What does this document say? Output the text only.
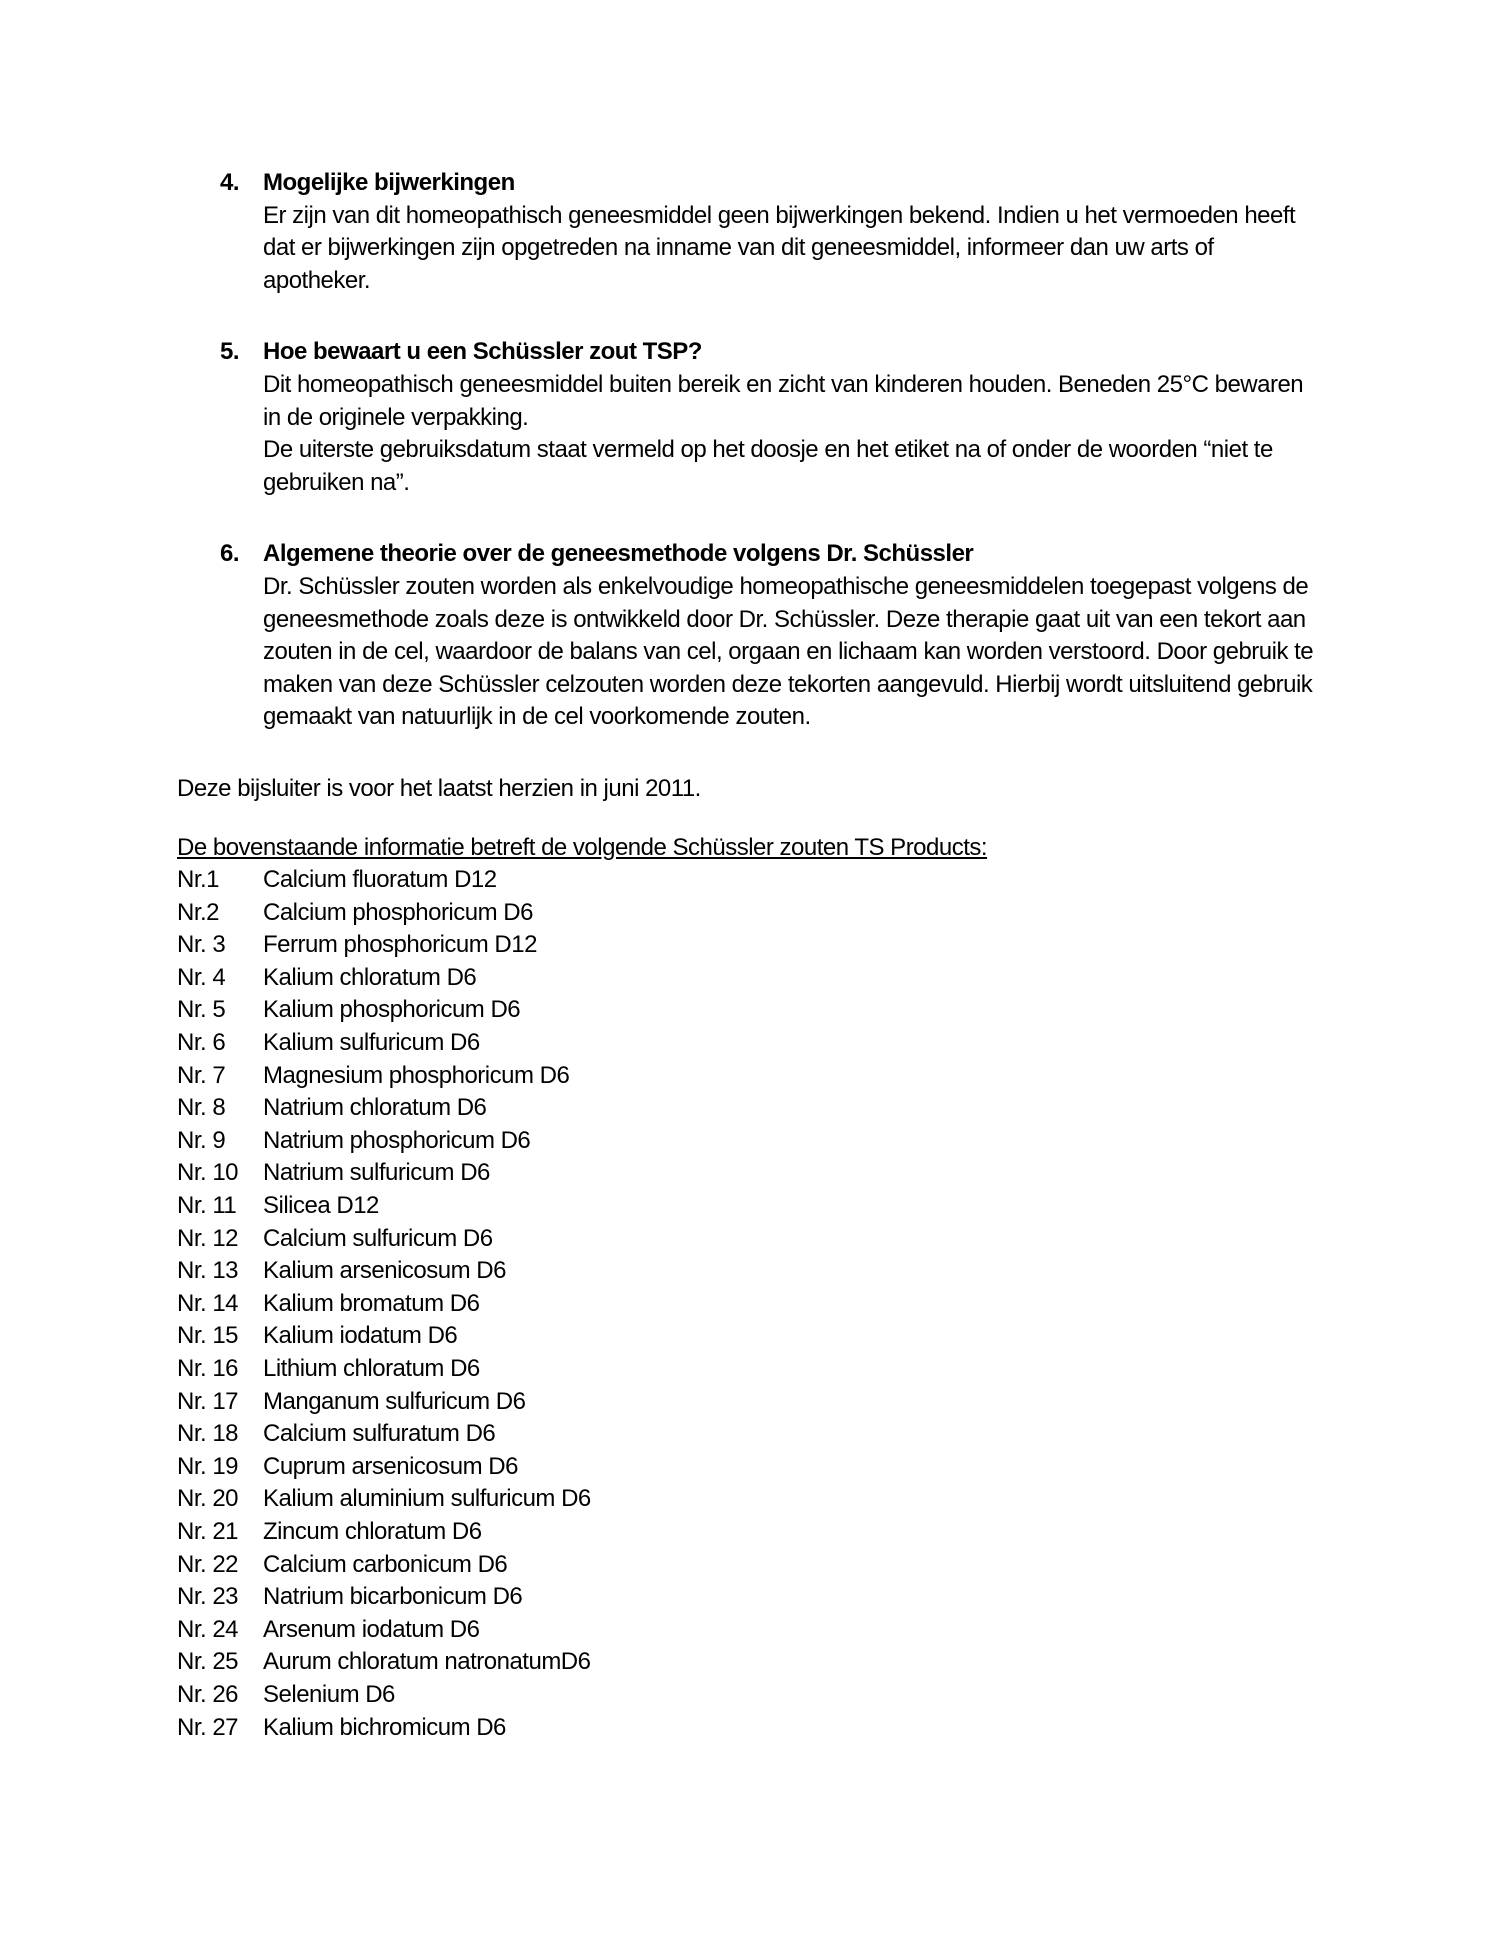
4. Mogelijke bijwerkingen
Er zijn van dit homeopathisch geneesmiddel geen bijwerkingen bekend. Indien u het vermoeden heeft dat er bijwerkingen zijn opgetreden na inname van dit geneesmiddel, informeer dan uw arts of apotheker.
5. Hoe bewaart u een Schüssler zout TSP?
Dit homeopathisch geneesmiddel buiten bereik en zicht van kinderen houden. Beneden 25°C bewaren in de originele verpakking.
De uiterste gebruiksdatum staat vermeld op het doosje en het etiket na of onder de woorden “niet te gebruiken na”.
6. Algemene theorie over de geneesmethode volgens Dr. Schüssler
Dr. Schüssler zouten worden als enkelvoudige homeopathische geneesmiddelen toegepast volgens de geneesmethode zoals deze is ontwikkeld door Dr. Schüssler. Deze therapie gaat uit van een tekort aan zouten in de cel, waardoor de balans van cel, orgaan en lichaam kan worden verstoord. Door gebruik te maken van deze Schüssler celzouten worden deze tekorten aangevuld. Hierbij wordt uitsluitend gebruik gemaakt van natuurlijk in de cel voorkomende zouten.
Deze bijsluiter is voor het laatst herzien in juni 2011.
De bovenstaande informatie betreft de volgende Schüssler zouten TS Products:
Nr.1	Calcium fluoratum D12
Nr.2	Calcium phosphoricum D6
Nr. 3	Ferrum phosphoricum D12
Nr. 4	Kalium chloratum D6
Nr. 5	Kalium phosphoricum D6
Nr. 6	Kalium sulfuricum D6
Nr. 7	Magnesium phosphoricum D6
Nr. 8	Natrium chloratum D6
Nr. 9	Natrium phosphoricum D6
Nr. 10	Natrium sulfuricum D6
Nr. 11	Silicea D12
Nr. 12	Calcium sulfuricum D6
Nr. 13	Kalium arsenicosum D6
Nr. 14	Kalium bromatum D6
Nr. 15	Kalium iodatum D6
Nr. 16	Lithium chloratum D6
Nr. 17	Manganum sulfuricum D6
Nr. 18	Calcium sulfuratum D6
Nr. 19	Cuprum arsenicosum D6
Nr. 20	Kalium aluminium sulfuricum D6
Nr. 21	Zincum chloratum D6
Nr. 22	Calcium carbonicum D6
Nr. 23	Natrium bicarbonicum D6
Nr. 24	Arsenum iodatum D6
Nr. 25	Aurum chloratum natronatumD6
Nr. 26	Selenium D6
Nr. 27	Kalium bichromicum D6
